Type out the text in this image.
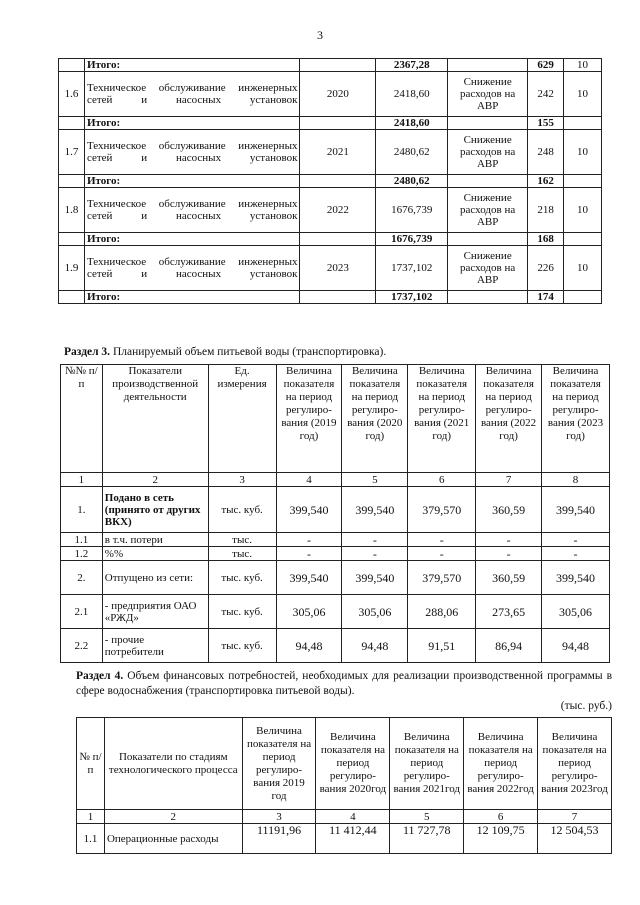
3
	Итого:		2367,28		629	10
1.6	Техническое обслуживание инженерных сетей и насосных установок	2020	2418,60	Снижение расходов на АВР	242	10
	Итого:		2418,60		155	
1.7	Техническое обслуживание инженерных сетей и насосных установок	2021	2480,62	Снижение расходов на АВР	248	10
	Итого:		2480,62		162	
1.8	Техническое обслуживание инженерных сетей и насосных установок	2022	1676,739	Снижение расходов на АВР	218	10
	Итого:		1676,739		168	
1.9	Техническое обслуживание инженерных сетей и насосных установок	2023	1737,102	Снижение расходов на АВР	226	10
	Итого:		1737,102		174	
Раздел 3. Планируемый объем питьевой воды (транспортировка).
№№ п/п	Показатели производственной деятельности	Ед. измерения	Величина показателя на период регулиро-вания (2019 год)	Величина показателя на период регулиро-вания (2020 год)	Величина показателя на период регулиро-вания (2021 год)	Величина показателя на период регулиро-вания (2022 год)	Величина показателя на период регулиро-вания (2023 год)
1	2	3	4	5	6	7	8
1.	Подано в сеть (принято от других ВКХ)	тыс. куб.	399,540	399,540	379,570	360,59	399,540
1.1	в т.ч. потери	тыс.	-	-	-	-	-
1.2	%%	тыс.	-	-	-	-	-
2.	Отпущено из сети:	тыс. куб.	399,540	399,540	379,570	360,59	399,540
2.1	- предприятия ОАО «РЖД»	тыс. куб.	305,06	305,06	288,06	273,65	305,06
2.2	- прочие потребители	тыс. куб.	94,48	94,48	91,51	86,94	94,48
Раздел 4. Объем финансовых потребностей, необходимых для реализации производственной программы в сфере водоснабжения (транспортировка питьевой воды).
(тыс. руб.)
№ п/п	Показатели по стадиям технологического процесса	Величина показателя на период регулиро-вания 2019 год	Величина показателя на период регулиро-вания 2020год	Величина показателя на период регулиро-вания 2021год	Величина показателя на период регулиро-вания 2022год	Величина показателя на период регулиро-вания 2023год
1	2	3	4	5	6	7
1.1	Операционные расходы	11191,96	11 412,44	11 727,78	12 109,75	12 504,53
